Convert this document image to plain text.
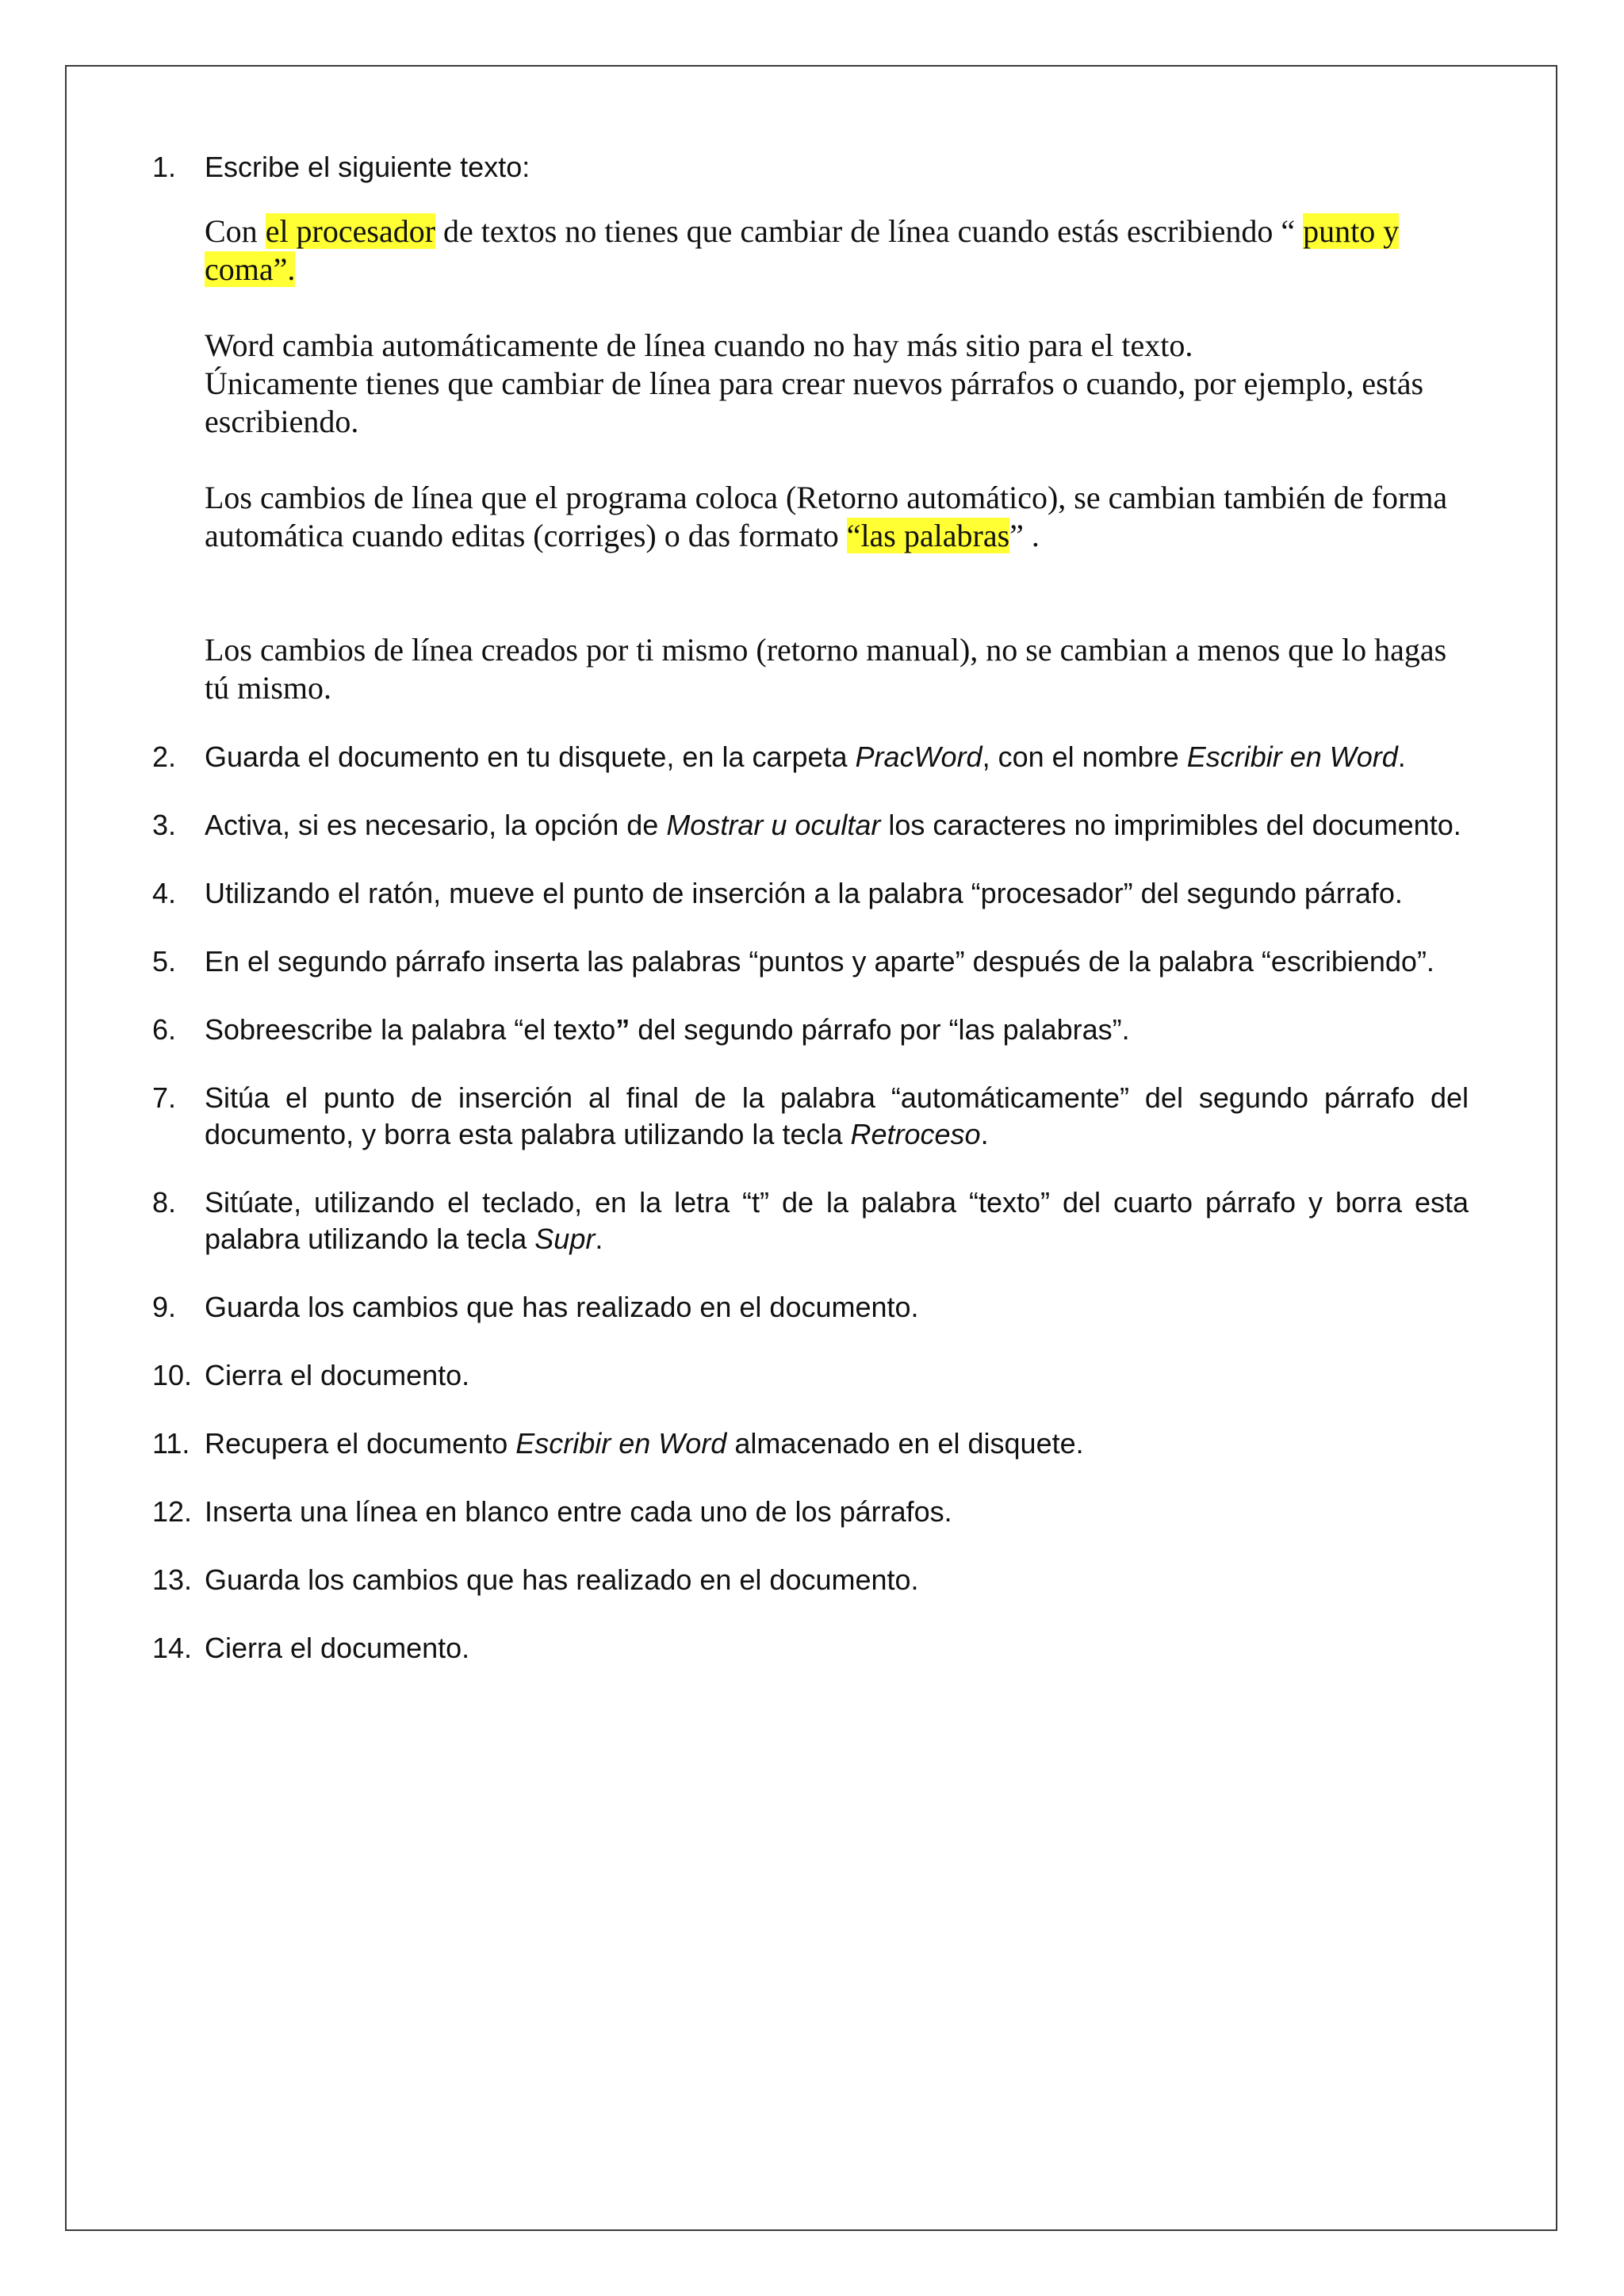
1. Escribe el siguiente texto:

Con el procesador de textos no tienes que cambiar de línea cuando estás escribiendo “ punto y coma”.

Word cambia automáticamente de línea cuando no hay más sitio para el texto.
Únicamente tienes que cambiar de línea para crear nuevos párrafos o cuando, por ejemplo, estás escribiendo.

Los cambios de línea que el programa coloca (Retorno automático), se cambian también de forma automática cuando editas (corriges) o das formato “las palabras” .

Los cambios de línea creados por ti mismo (retorno manual), no se cambian a menos que lo hagas tú mismo.

2. Guarda el documento en tu disquete, en la carpeta PracWord, con el nombre Escribir en Word.
3. Activa, si es necesario, la opción de Mostrar u ocultar los caracteres no imprimibles del documento.
4. Utilizando el ratón, mueve el punto de inserción a la palabra “procesador” del segundo párrafo.
5. En el segundo párrafo inserta las palabras “puntos y aparte” después de la palabra “escribiendo”.
6. Sobreescribe la palabra “el texto” del segundo párrafo por “las palabras”.
7. Sitúa el punto de inserción al final de la palabra “automáticamente” del segundo párrafo del documento, y borra esta palabra utilizando la tecla Retroceso.
8. Sitúate, utilizando el teclado, en la letra “t” de la palabra “texto” del cuarto párrafo y borra esta palabra utilizando la tecla Supr.
9. Guarda los cambios que has realizado en el documento.
10. Cierra el documento.
11. Recupera el documento Escribir en Word almacenado en el disquete.
12. Inserta una línea en blanco entre cada uno de los párrafos.
13. Guarda los cambios que has realizado en el documento.
14. Cierra el documento.
